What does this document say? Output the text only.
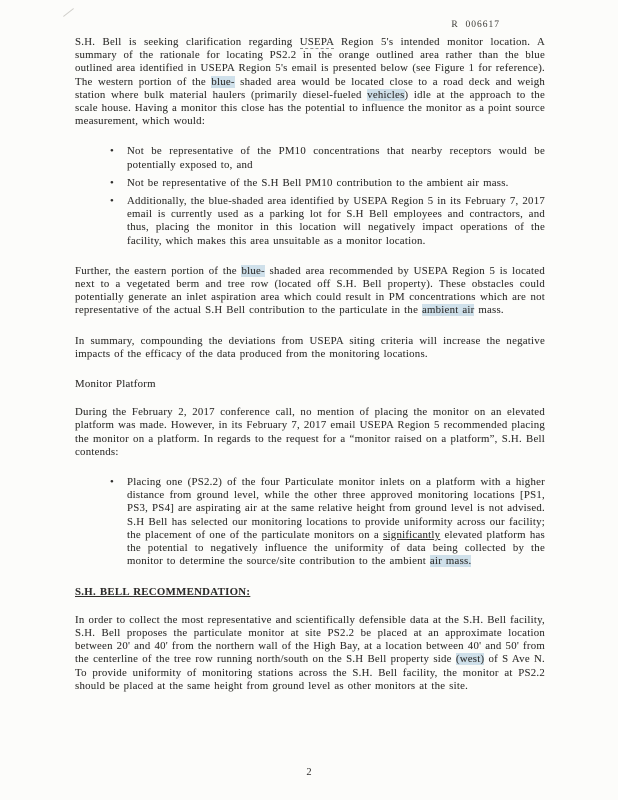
R  006617

S.H. Bell is seeking clarification regarding USEPA Region 5's intended monitor location. A summary of the rationale for locating PS2.2 in the orange outlined area rather than the blue outlined area identified in USEPA Region 5's email is presented below (see Figure 1 for reference). The western portion of the blue- shaded area would be located close to a road deck and weigh station where bulk material haulers (primarily diesel-fueled vehicles) idle at the approach to the scale house. Having a monitor this close has the potential to influence the monitor as a point source measurement, which would:

• Not be representative of the PM10 concentrations that nearby receptors would be potentially exposed to, and
• Not be representative of the S.H Bell PM10 contribution to the ambient air mass.
• Additionally, the blue-shaded area identified by USEPA Region 5 in its February 7, 2017 email is currently used as a parking lot for S.H Bell employees and contractors, and thus, placing the monitor in this location will negatively impact operations of the facility, which makes this area unsuitable as a monitor location.

Further, the eastern portion of the blue- shaded area recommended by USEPA Region 5 is located next to a vegetated berm and tree row (located off S.H. Bell property). These obstacles could potentially generate an inlet aspiration area which could result in PM concentrations which are not representative of the actual S.H Bell contribution to the particulate in the ambient air mass.

In summary, compounding the deviations from USEPA siting criteria will increase the negative impacts of the efficacy of the data produced from the monitoring locations.

Monitor Platform

During the February 2, 2017 conference call, no mention of placing the monitor on an elevated platform was made. However, in its February 7, 2017 email USEPA Region 5 recommended placing the monitor on a platform. In regards to the request for a “monitor raised on a platform”, S.H. Bell contends:

• Placing one (PS2.2) of the four Particulate monitor inlets on a platform with a higher distance from ground level, while the other three approved monitoring locations [PS1, PS3, PS4] are aspirating air at the same relative height from ground level is not advised. S.H Bell has selected our monitoring locations to provide uniformity across our facility; the placement of one of the particulate monitors on a significantly elevated platform has the potential to negatively influence the uniformity of data being collected by the monitor to determine the source/site contribution to the ambient air mass.

S.H. BELL RECOMMENDATION:

In order to collect the most representative and scientifically defensible data at the S.H. Bell facility, S.H. Bell proposes the particulate monitor at site PS2.2 be placed at an approximate location between 20' and 40' from the northern wall of the High Bay, at a location between 40' and 50' from the centerline of the tree row running north/south on the S.H Bell property side (west) of S Ave N. To provide uniformity of monitoring stations across the S.H. Bell facility, the monitor at PS2.2 should be placed at the same height from ground level as other monitors at the site.

2
